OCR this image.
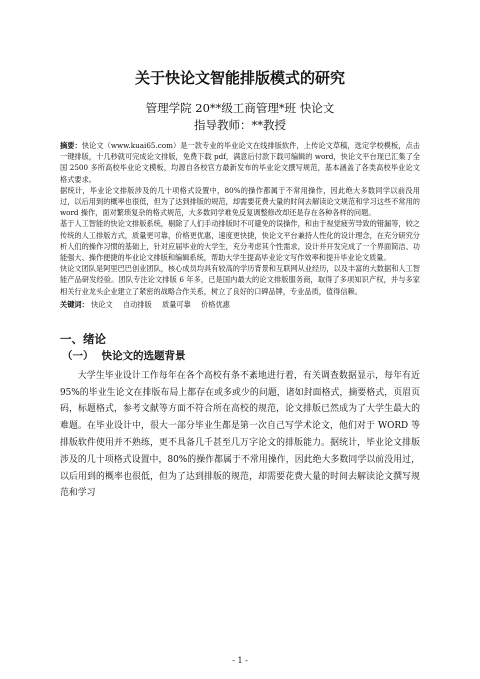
关于快论文智能排版模式的研究

管理学院 20**级工商管理*班 快论文

指导教师：**教授

摘要：快论文（www.kuai65.com）是一款专业的毕业论文在线排版软件，上传论文草稿，选定学校模板，点击一键排版，十几秒就可完成论文排版，免费下载 pdf，满意后付款下载可编辑的 word，快论文平台现已汇集了全国 2500 多所高校毕业论文模板，均源自各校官方最新发布的毕业论文撰写规范，基本涵盖了各类高校毕业论文格式要求。

据统计，毕业论文排版涉及的几十项格式设置中，80%的操作都属于不常用操作，因此绝大多数同学以前没用过，以后用到的概率也很低，但为了达到排版的规范，却需要花费大量的时间去解读论文规范和学习这些不常用的 word 操作，面对繁琐复杂的格式规范，大多数同学难免反复调整修改却还是存在各种各样的问题。

基于人工智能的快论文排版系统，剔除了人们手动排版时不可避免的误操作，和由于视觉疲劳导致的错漏等，较之传统的人工排版方式，质量更可靠，价格更优惠，速度更快捷，快论文平台兼持人性化的设计理念，在充分研究分析人们的操作习惯的基础上，针对应届毕业的大学生，充分考虑其个性需求，设计并开发完成了一个界面简洁、功能强大、操作便捷的毕业论文排版和编辑系统，帮助大学生提高毕业论文写作效率和提升毕业论文质量。

快论文团队是阿里巴巴创业团队，核心成员均具有较高的学历背景和互联网从业经历，以及丰富的大数据和人工智能产品研发经验。团队专注论文排版 6 年多，已是国内最大的论文排版服务商，取得了多项知识产权，并与多家相关行业龙头企业建立了紧密的战略合作关系，树立了良好的口碑品牌，专业品质，值得信赖。

关键词： 快论文 自动排版 质量可靠 价格优惠

一、绪论
（一） 快论文的选题背景

大学生毕业设计工作每年在各个高校有条不紊地进行着，有关调查数据显示，每年有近 95%的毕业生论文在排版布局上都存在或多或少的问题，诸如封面格式，摘要格式，页眉页码，标题格式，参考文献等方面不符合所在高校的规范，论文排版已然成为了大学生最大的难题。在毕业设计中，很大一部分毕业生都是第一次自己写学术论文，他们对于 WORD 等排版软件使用并不熟练，更不具备几千甚至几万字论文的排版能力。据统计，毕业论文排版涉及的几十项格式设置中，80%的操作都属于不常用操作，因此绝大多数同学以前没用过，以后用到的概率也很低，但为了达到排版的规范，却需要花费大量的时间去解读论文撰写规范和学习

- 1 -
